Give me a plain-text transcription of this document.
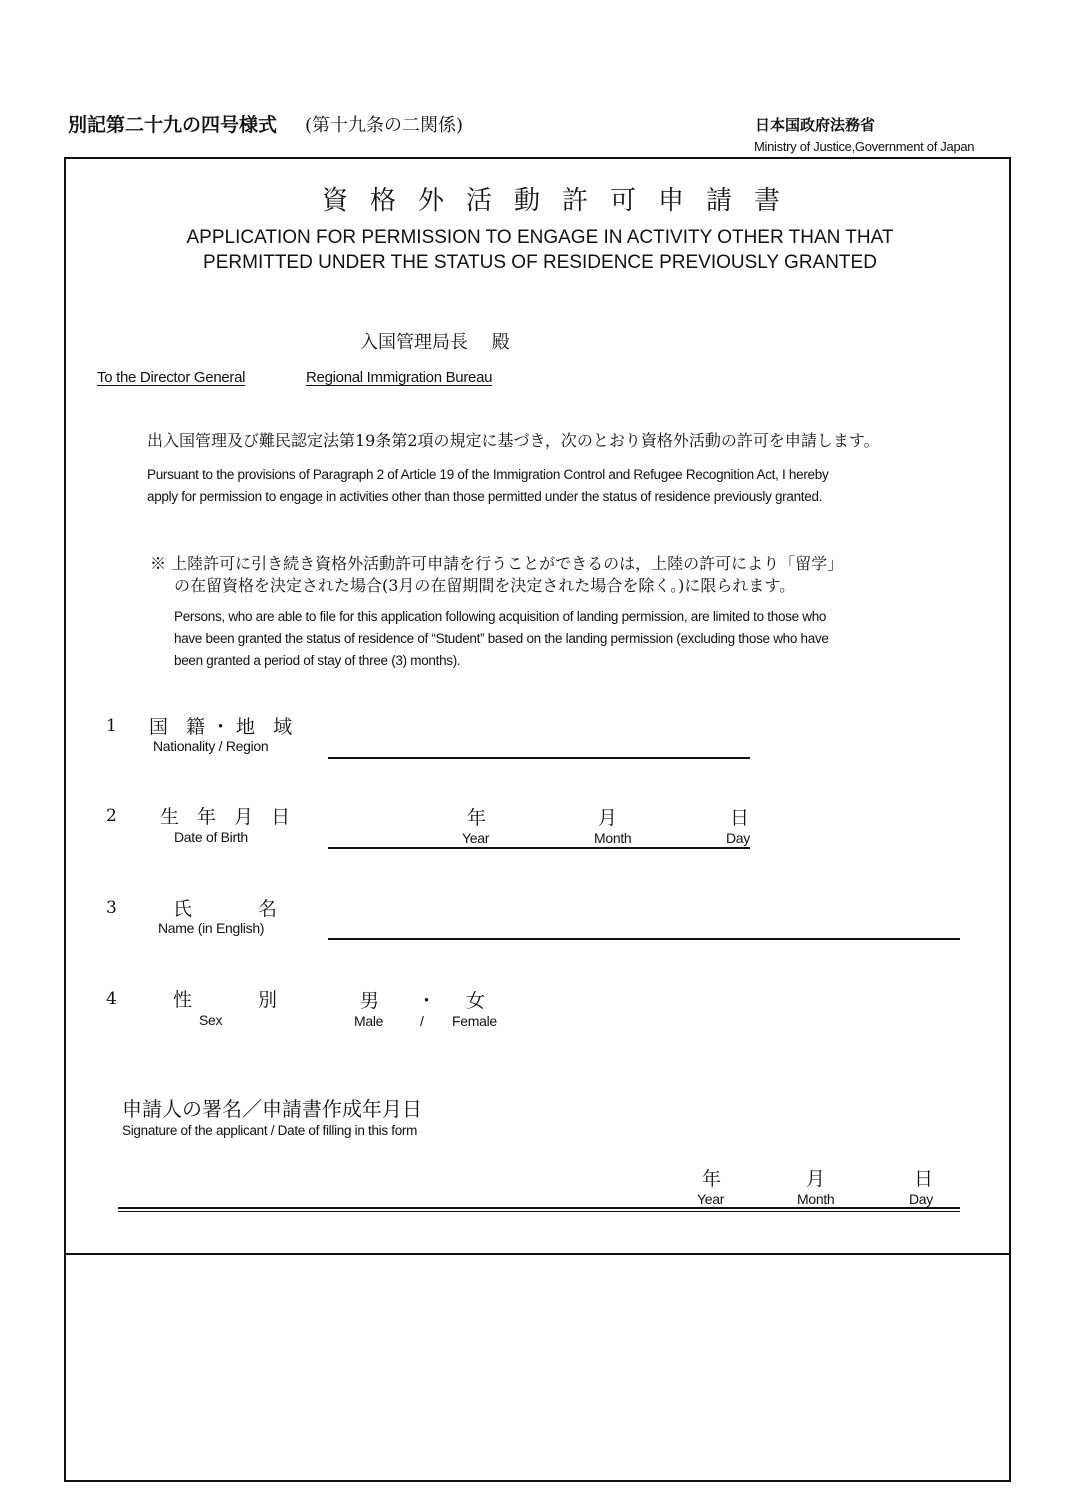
別記第二十九の四号様式 (第十九条の二関係)	日本国政府法務省
Ministry of Justice,Government of Japan
資格外活動許可申請書
APPLICATION FOR PERMISSION TO ENGAGE IN ACTIVITY OTHER THAN THAT
PERMITTED UNDER THE STATUS OF RESIDENCE PREVIOUSLY GRANTED
入国管理局長　 殿
To the Director General	Regional Immigration Bureau
出入国管理及び難民認定法第19条第2項の規定に基づき，次のとおり資格外活動の許可を申請します。
Pursuant to the provisions of Paragraph 2 of Article 19 of the Immigration Control and Refugee Recognition Act, I hereby
apply for permission to engage in activities other than those permitted under the status of residence previously granted.
※ 上陸許可に引き続き資格外活動許可申請を行うことができるのは，上陸の許可により「留学」
の在留資格を決定された場合(3月の在留期間を決定された場合を除く。)に限られます。
Persons, who are able to file for this application following acquisition of landing permission, are limited to those who
have been granted the status of residence of “Student” based on the landing permission (excluding those who have
been granted a period of stay of three (3) months).
1 国 籍・地 域
Nationality / Region
2 生 年 月 日
Date of Birth
年
Year
月
Month
日
Day
3	氏 名
Name (in English)
4	性 別
Sex
男 ・ 女
Male	/ Female
申請人の署名／申請書作成年月日
Signature of the applicant / Date of filling in this form
年
Year
月
Month
日
Day
